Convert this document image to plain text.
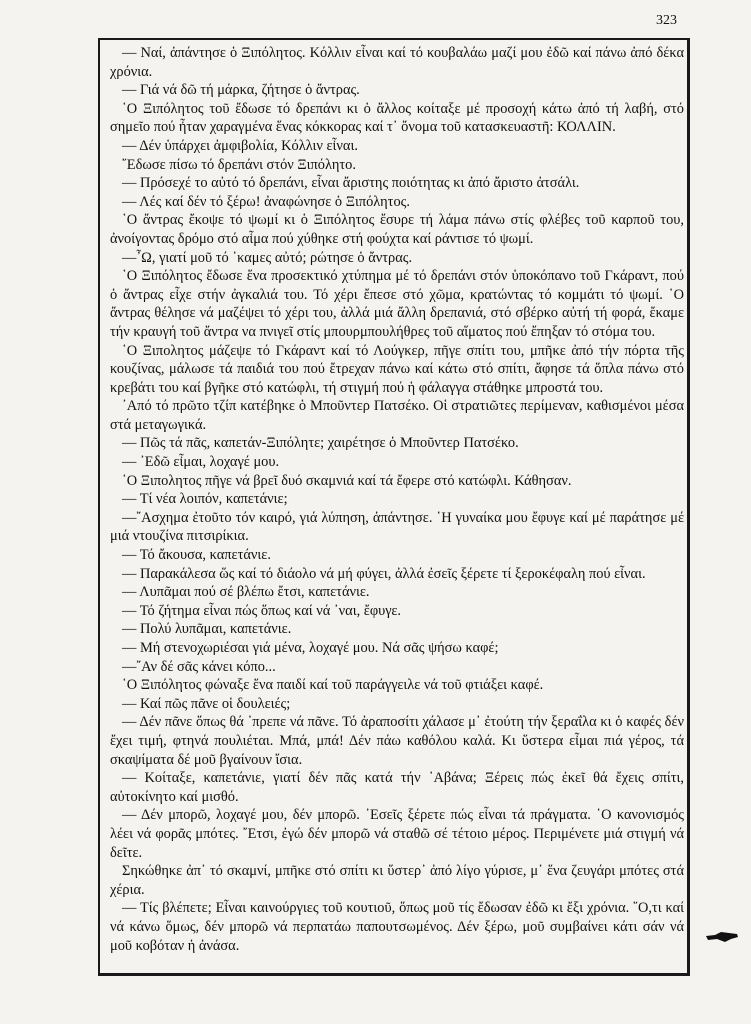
323

— Ναί, ἀπάντησε ὁ Ξιπόλητος. Κόλλιν εἶναι καί τό κουβαλάω μαζί μου ἐδῶ καί πάνω ἀπό δέκα χρόνια.

— Γιά νά δῶ τή μάρκα, ζήτησε ὁ ἄντρας.

῾Ο Ξιπόλητος τοῦ ἔδωσε τό δρεπάνι κι ὁ ἄλλος κοίταξε μέ προσοχή κάτω ἀπό τή λαβή, στό σημεῖο πού ἦταν χαραγμένα ἕνας κόκκορας καί τ᾽ ὄνομα τοῦ κατασκευαστῆ: ΚΟΛΛΙΝ.

— Δέν ὑπάρχει ἀμφιβολία, Κόλλιν εἶναι.

῎Εδωσε πίσω τό δρεπάνι στόν Ξιπόλητο.

— Πρόσεχέ το αὐτό τό δρεπάνι, εἶναι ἄριστης ποιότητας κι ἀπό ἄριστο ἀτσάλι.

— Λές καί δέν τό ξέρω! ἀναφώνησε ὁ Ξιπόλητος.

῾Ο ἄντρας ἔκοψε τό ψωμί κι ὁ Ξιπόλητος ἔσυρε τή λάμα πάνω στίς φλέβες τοῦ καρποῦ του, ἀνοίγοντας δρόμο στό αἷμα πού χύθηκε στή φούχτα καί ράντισε τό ψωμί.

—῏Ω, γιατί μοῦ τό ᾽καμες αὐτό; ρώτησε ὁ ἄντρας.

῾Ο Ξιπόλητος ἔδωσε ἕνα προσεκτικό χτύπημα μέ τό δρεπάνι στόν ὑποκόπανο τοῦ Γκάραντ, πού ὁ ἄντρας εἶχε στήν ἀγκαλιά του. Τό χέρι ἔπεσε στό χῶμα, κρατώντας τό κομμάτι τό ψωμί. ῾Ο ἄντρας θέλησε νά μαζέψει τό χέρι του, ἀλλά μιά ἄλλη δρεπανιά, στό σβέρκο αὐτή τή φορά, ἔκαμε τήν κραυγή τοῦ ἄντρα να πνιγεῖ στίς μπουρμπουλήθρες τοῦ αἵματος πού ἔπηξαν τό στόμα του.

῾Ο Ξιπολητος μάζεψε τό Γκάραντ καί τό Λούγκερ, πῆγε σπίτι του, μπῆκε ἀπό τήν πόρτα τῆς κουζίνας, μάλωσε τά παιδιά του πού ἔτρεχαν πάνω καί κάτω στό σπίτι, ἄφησε τά ὅπλα πάνω στό κρεβάτι του καί βγῆκε στό κατώφλι, τή στιγμή πού ἡ φάλαγγα στάθηκε μπροστά του.

᾽Από τό πρῶτο τζίπ κατέβηκε ὁ Μποῦντερ Πατσέκο. Οἱ στρατιῶτες περίμεναν, καθισμένοι μέσα στά μεταγωγικά.

— Πῶς τά πᾶς, καπετάν-Ξιπόλητε; χαιρέτησε ὁ Μποῦντερ Πατσέκο.

— ᾽Εδῶ εἶμαι, λοχαγέ μου.

῾Ο Ξιπολητος πῆγε νά βρεῖ δυό σκαμνιά καί τά ἔφερε στό κατώφλι. Κάθησαν.

— Τί νέα λοιπόν, καπετάνιε;

—῎Ασχημα ἐτοῦτο τόν καιρό, γιά λύπηση, ἀπάντησε. ῾Η γυναίκα μου ἔφυγε καί μέ παράτησε μέ μιά ντουζίνα πιτσιρίκια.

— Τό ἄκουσα, καπετάνιε.

— Παρακάλεσα ὥς καί τό διάολο νά μή φύγει, ἀλλά ἐσεῖς ξέρετε τί ξεροκέφαλη πού εἶναι.

— Λυπᾶμαι πού σέ βλέπω ἔτσι, καπετάνιε.

— Τό ζήτημα εἶναι πώς ὅπως καί νά ᾽ναι, ἔφυγε.

— Πολύ λυπᾶμαι, καπετάνιε.

— Μή στενοχωριέσαι γιά μένα, λοχαγέ μου. Νά σᾶς ψήσω καφέ;

—῎Αν δέ σᾶς κάνει κόπο...

῾Ο Ξιπόλητος φώναξε ἕνα παιδί καί τοῦ παράγγειλε νά τοῦ φτιάξει καφέ.

— Καί πῶς πᾶνε οἱ δουλειές;

— Δέν πᾶνε ὅπως θά ᾽πρεπε νά πᾶνε. Τό ἀραποσίτι χάλασε μ᾽ ἐτούτη τήν ξεραΐλα κι ὁ καφές δέν ἔχει τιμή, φτηνά πουλιέται. Μπά, μπά! Δέν πάω καθόλου καλά. Κι ὕστερα εἶμαι πιά γέρος, τά σκαψίματα δέ μοῦ βγαίνουν ἴσια.

— Κοίταξε, καπετάνιε, γιατί δέν πᾶς κατά τήν ᾽Αβάνα; Ξέρεις πώς ἐκεῖ θά ἔχεις σπίτι, αὐτοκίνητο καί μισθό.

— Δέν μπορῶ, λοχαγέ μου, δέν μπορῶ. ᾽Εσεῖς ξέρετε πώς εἶναι τά πράγματα. ῾Ο κανονισμός λέει νά φορᾶς μπότες. ῎Ετσι, ἐγώ δέν μπορῶ νά σταθῶ σέ τέτοιο μέρος. Περιμένετε μιά στιγμή νά δεῖτε.

Σηκώθηκε ἀπ᾽ τό σκαμνί, μπῆκε στό σπίτι κι ὕστερ᾽ ἀπό λίγο γύρισε, μ᾽ ἕνα ζευγάρι μπότες στά χέρια.

— Τίς βλέπετε; Εἶναι καινούργιες τοῦ κουτιοῦ, ὅπως μοῦ τίς ἔδωσαν ἐδῶ κι ἔξι χρόνια. ῞Ο,τι καί νά κάνω ὅμως, δέν μπορῶ νά περπατάω παπουτσωμένος. Δέν ξέρω, μοῦ συμβαίνει κάτι σάν νά μοῦ κοβόταν ἡ ἀνάσα.
